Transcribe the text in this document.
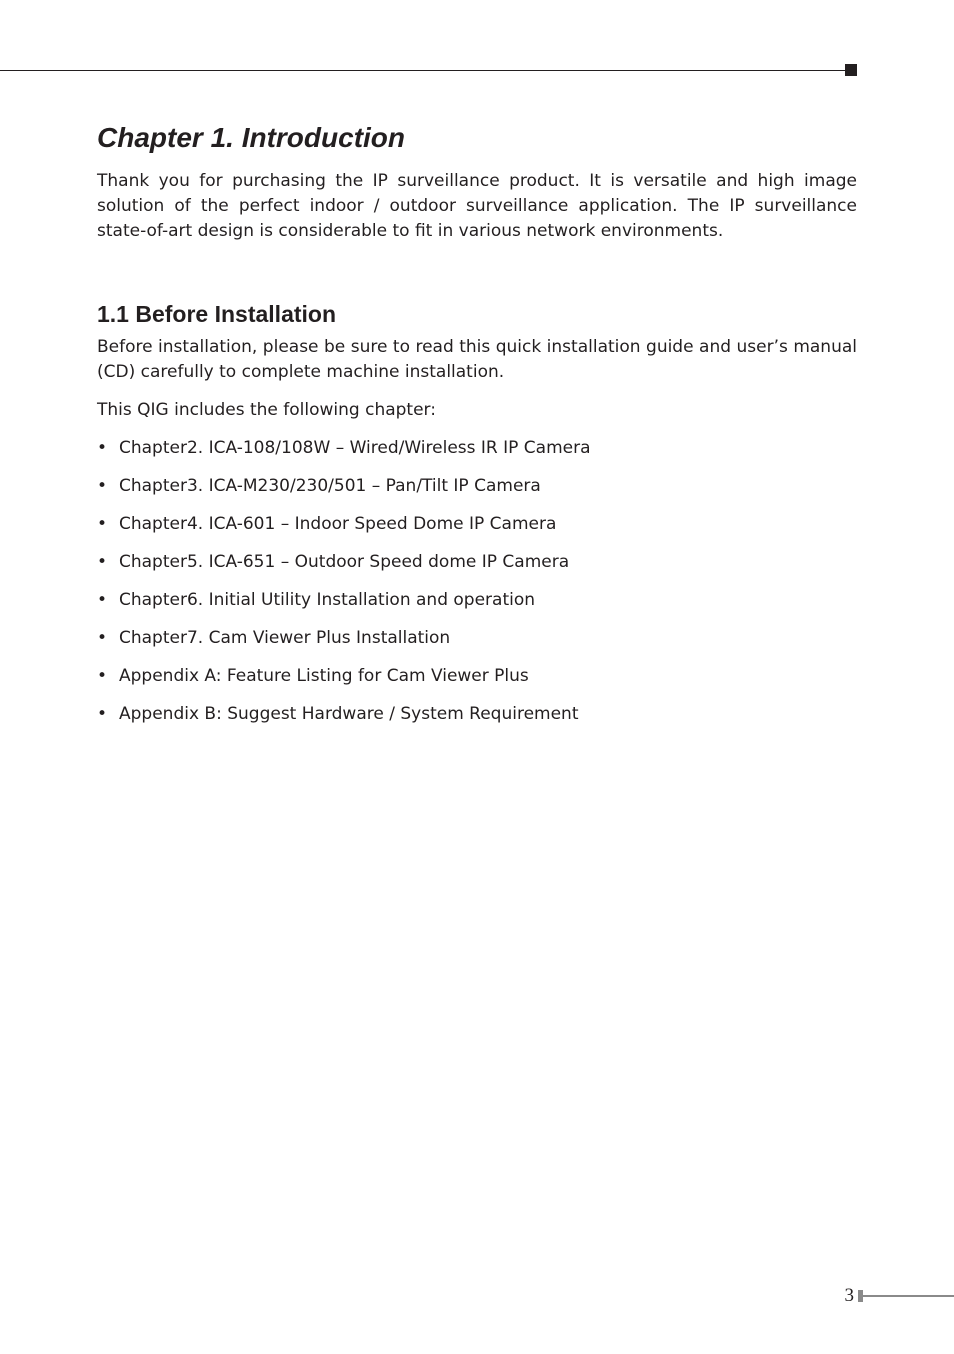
Chapter 1. Introduction

Thank you for purchasing the IP surveillance product. It is versatile and high image solution of the perfect indoor / outdoor surveillance application. The IP surveillance state-of-art design is considerable to fit in various network environments.

1.1 Before Installation

Before installation, please be sure to read this quick installation guide and user’s manual (CD) carefully to complete machine installation.

This QIG includes the following chapter:

• Chapter2. ICA-108/108W – Wired/Wireless IR IP Camera
• Chapter3. ICA-M230/230/501 – Pan/Tilt IP Camera
• Chapter4. ICA-601 – Indoor Speed Dome IP Camera
• Chapter5. ICA-651 – Outdoor Speed dome IP Camera
• Chapter6. Initial Utility Installation and operation
• Chapter7. Cam Viewer Plus Installation
• Appendix A: Feature Listing for Cam Viewer Plus
• Appendix B: Suggest Hardware / System Requirement
3
